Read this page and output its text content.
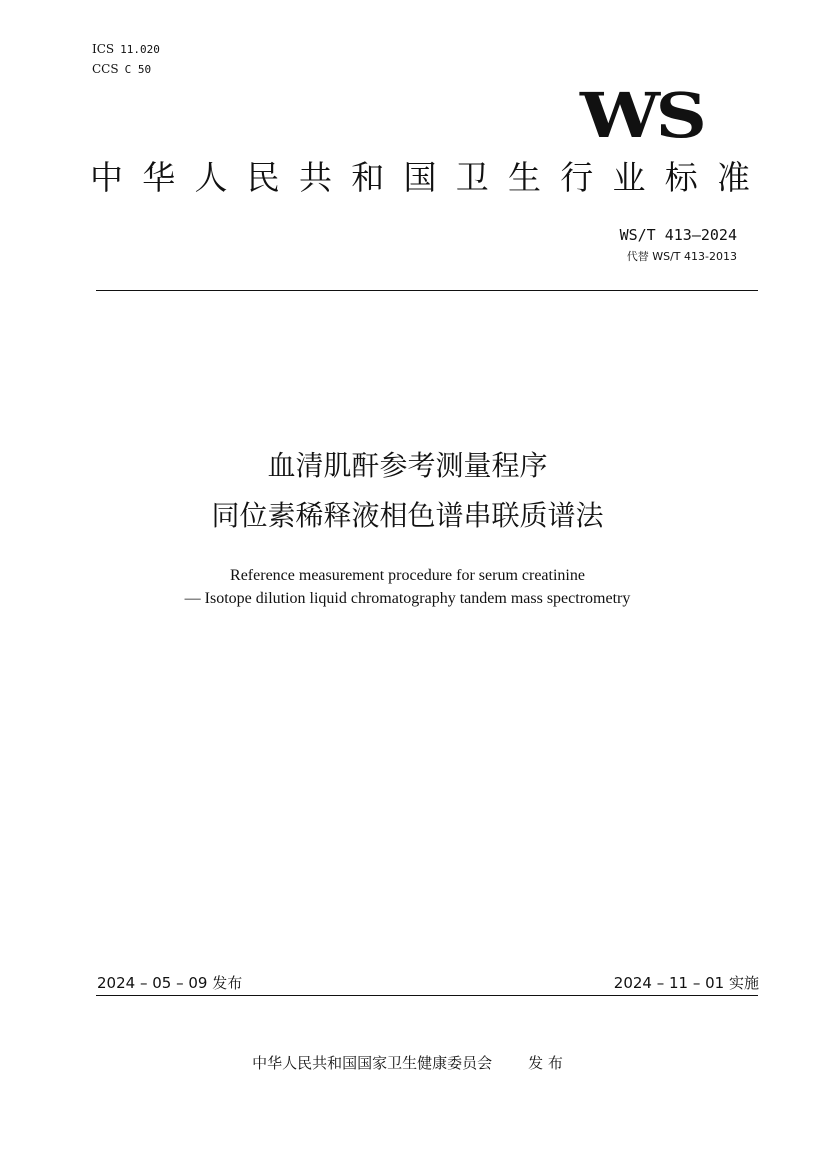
ICS 11.020
CCS C 50
WS
中 华 人 民 共 和 国 卫 生 行 业 标 准
WS/T 413—2024
代替 WS/T 413-2013
血清肌酐参考测量程序
同位素稀释液相色谱串联质谱法
Reference measurement procedure for serum creatinine
— Isotope dilution liquid chromatography tandem mass spectrometry
2024 – 05 – 09 发布	2024 – 11 – 01 实施
中华人民共和国国家卫生健康委员会 发 布
